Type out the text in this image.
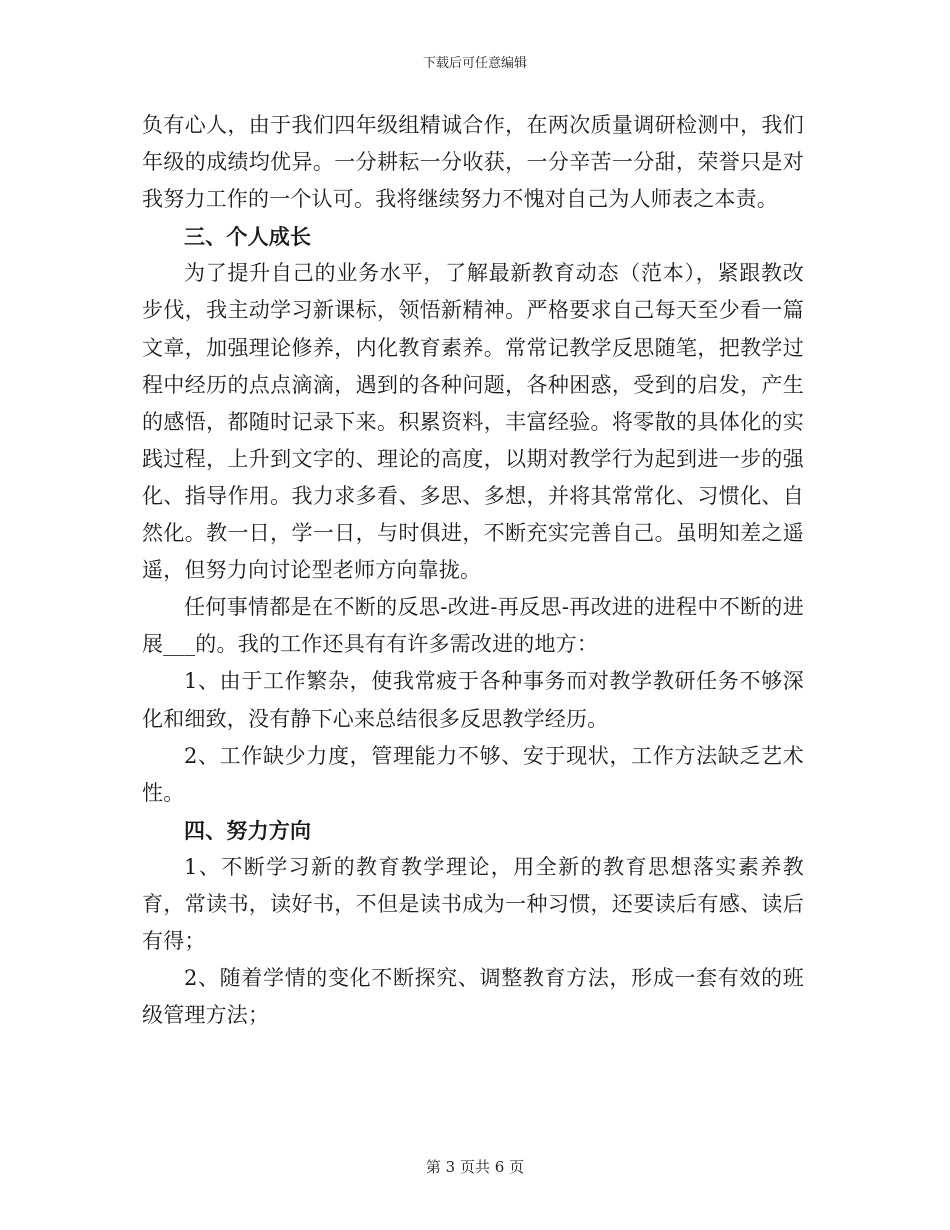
下载后可任意编辑

负有心人，由于我们四年级组精诚合作，在两次质量调研检测中，我们年级的成绩均优异。一分耕耘一分收获，一分辛苦一分甜，荣誉只是对我努力工作的一个认可。我将继续努力不愧对自己为人师表之本责。

三、个人成长

为了提升自己的业务水平，了解最新教育动态（范本），紧跟教改步伐，我主动学习新课标，领悟新精神。严格要求自己每天至少看一篇文章，加强理论修养，内化教育素养。常常记教学反思随笔，把教学过程中经历的点点滴滴，遇到的各种问题，各种困惑，受到的启发，产生的感悟，都随时记录下来。积累资料，丰富经验。将零散的具体化的实践过程，上升到文字的、理论的高度，以期对教学行为起到进一步的强化、指导作用。我力求多看、多思、多想，并将其常常化、习惯化、自然化。教一日，学一日，与时俱进，不断充实完善自己。虽明知差之遥遥，但努力向讨论型老师方向靠拢。

任何事情都是在不断的反思-改进-再反思-再改进的进程中不断的进展___的。我的工作还具有有许多需改进的地方：

1、由于工作繁杂，使我常疲于各种事务而对教学教研任务不够深化和细致，没有静下心来总结很多反思教学经历。

2、工作缺少力度，管理能力不够、安于现状，工作方法缺乏艺术性。

四、努力方向

1、不断学习新的教育教学理论，用全新的教育思想落实素养教育，常读书，读好书，不但是读书成为一种习惯，还要读后有感、读后有得；

2、随着学情的变化不断探究、调整教育方法，形成一套有效的班级管理方法；

第 3 页共 6 页
